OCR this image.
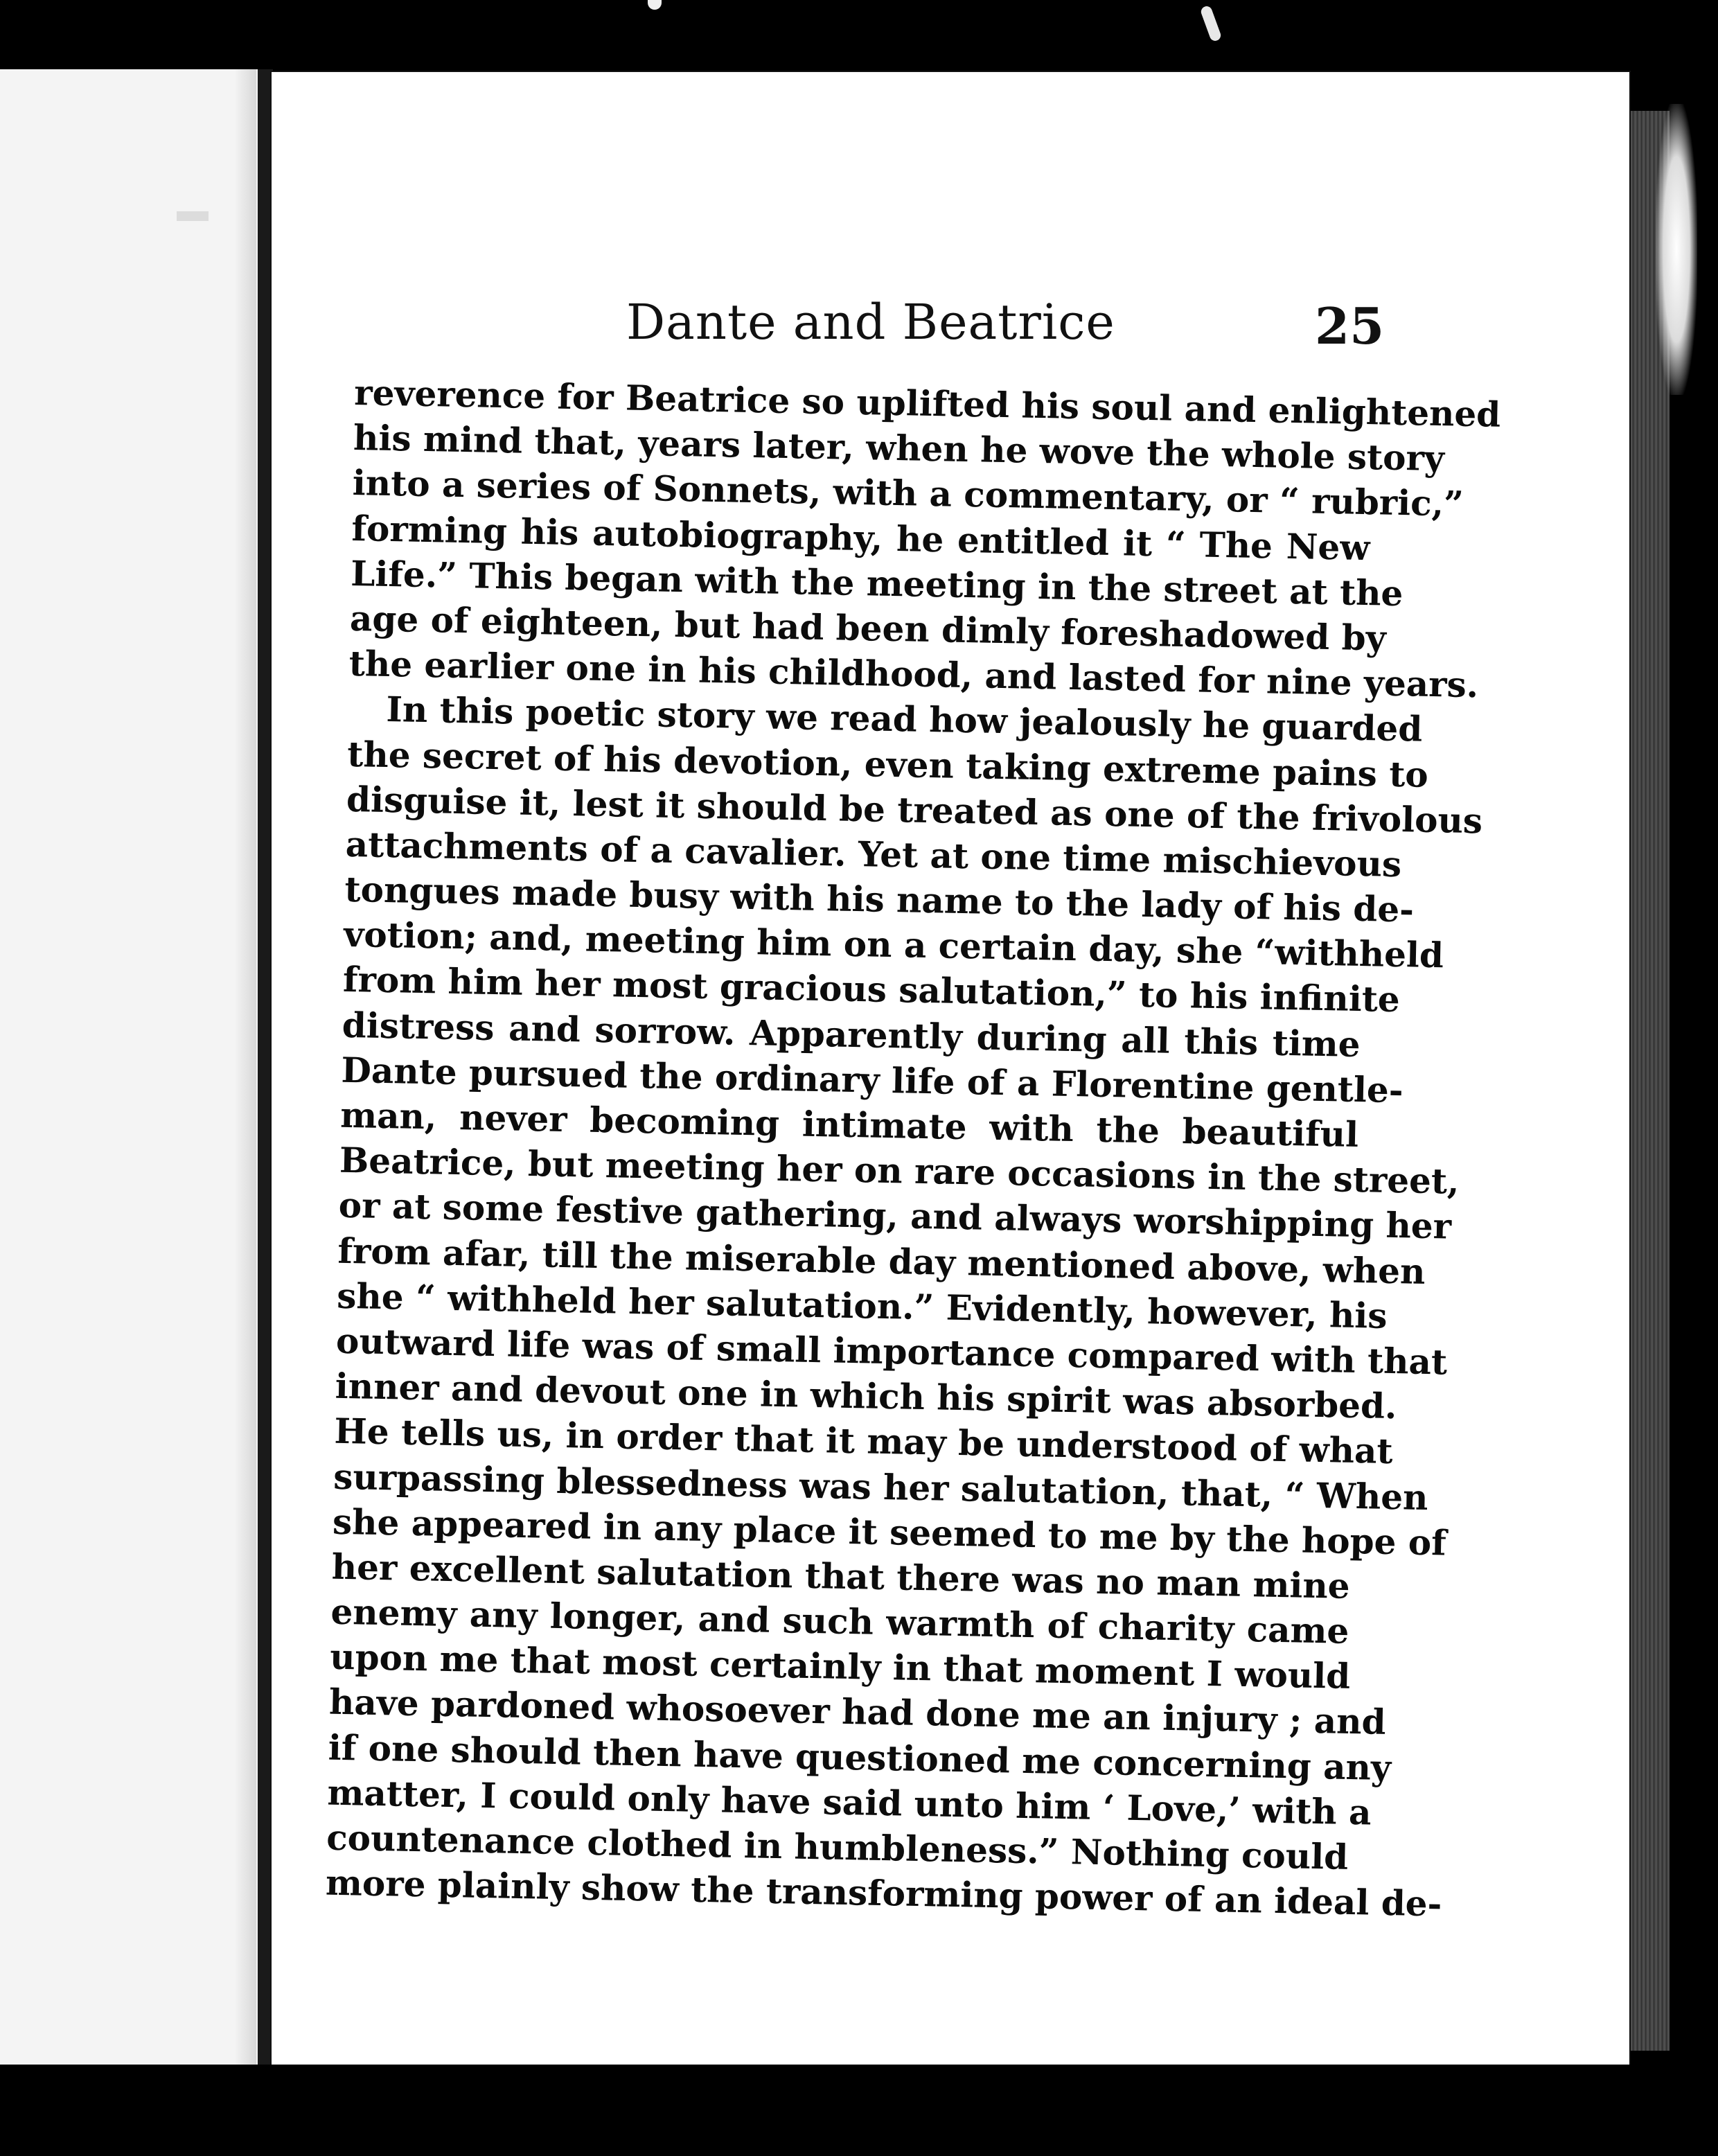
Dante and Beatrice	25
reverence for Beatrice so uplifted his soul and enlightened
his mind that, years later, when he wove the whole story
into a series of Sonnets, with a commentary, or “ rubric,”
forming his autobiography, he entitled it “ The New
Life.” This began with the meeting in the street at the
age of eighteen, but had been dimly foreshadowed by
the earlier one in his childhood, and lasted for nine years.
In this poetic story we read how jealously he guarded
the secret of his devotion, even taking extreme pains to
disguise it, lest it should be treated as one of the frivolous
attachments of a cavalier. Yet at one time mischievous
tongues made busy with his name to the lady of his de-
votion; and, meeting him on a certain day, she “withheld
from him her most gracious salutation,” to his infinite
distress and sorrow. Apparently during all this time
Dante pursued the ordinary life of a Florentine gentle-
man, never becoming intimate with the beautiful
Beatrice, but meeting her on rare occasions in the street,
or at some festive gathering, and always worshipping her
from afar, till the miserable day mentioned above, when
she “ withheld her salutation.” Evidently, however, his
outward life was of small importance compared with that
inner and devout one in which his spirit was absorbed.
He tells us, in order that it may be understood of what
surpassing blessedness was her salutation, that, “ When
she appeared in any place it seemed to me by the hope of
her excellent salutation that there was no man mine
enemy any longer, and such warmth of charity came
upon me that most certainly in that moment I would
have pardoned whosoever had done me an injury ; and
if one should then have questioned me concerning any
matter, I could only have said unto him ‘ Love,’ with a
countenance clothed in humbleness.” Nothing could
more plainly show the transforming power of an ideal de-
